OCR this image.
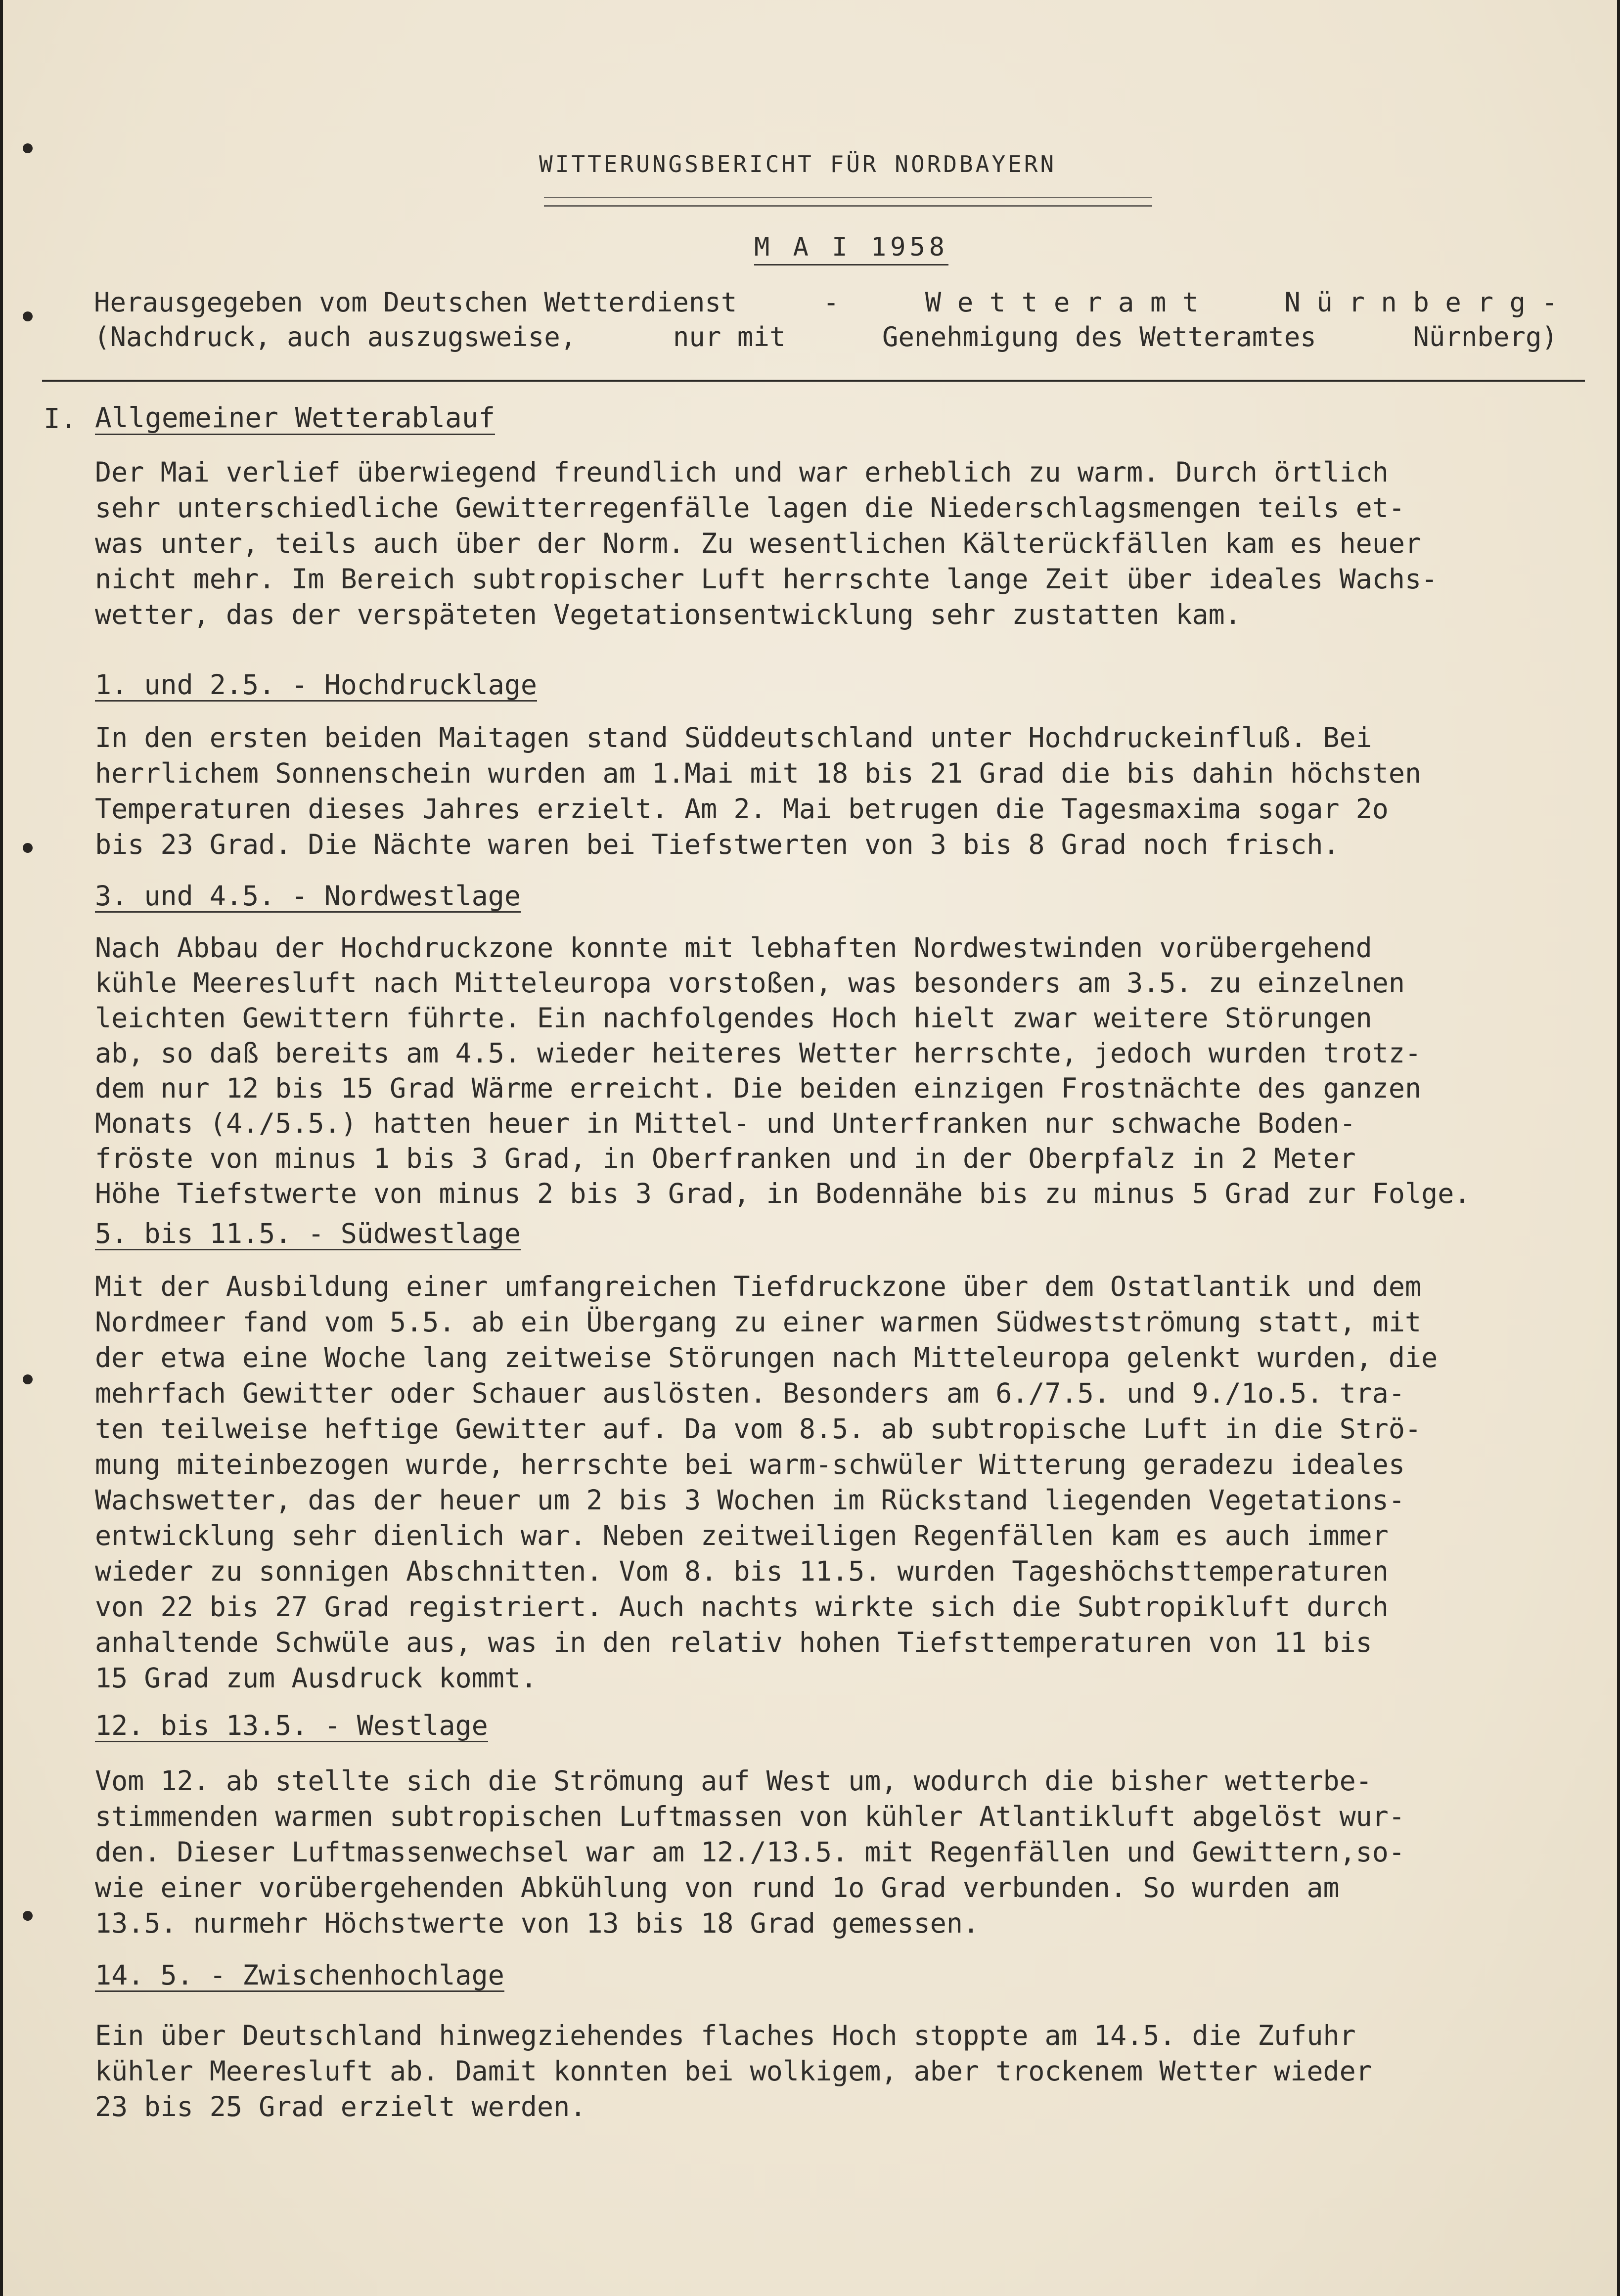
WITTERUNGSBERICHT FÜR NORDBAYERN
M A I 1958
Herausgegeben vom Deutschen Wetterdienst	-	W e t t e r a m t	N ü r n b e r g -
(Nachdruck, auch auszugsweise,	nur mit	Genehmigung des Wetteramtes	Nürnberg)
I. Allgemeiner Wetterablauf
Der Mai verlief überwiegend freundlich und war erheblich zu warm. Durch örtlich
sehr unterschiedliche Gewitterregenfälle lagen die Niederschlagsmengen teils et-
was unter, teils auch über der Norm. Zu wesentlichen Kälterückfällen kam es heuer
nicht mehr. Im Bereich subtropischer Luft herrschte lange Zeit über ideales Wachs-
wetter, das der verspäteten Vegetationsentwicklung sehr zustatten kam.
1. und 2.5. - Hochdrucklage
In den ersten beiden Maitagen stand Süddeutschland unter Hochdruckeinfluß. Bei
herrlichem Sonnenschein wurden am 1.Mai mit 18 bis 21 Grad die bis dahin höchsten
Temperaturen dieses Jahres erzielt. Am 2. Mai betrugen die Tagesmaxima sogar 2o
bis 23 Grad. Die Nächte waren bei Tiefstwerten von 3 bis 8 Grad noch frisch.
3. und 4.5. - Nordwestlage
Nach Abbau der Hochdruckzone konnte mit lebhaften Nordwestwinden vorübergehend
kühle Meeresluft nach Mitteleuropa vorstoßen, was besonders am 3.5. zu einzelnen
leichten Gewittern führte. Ein nachfolgendes Hoch hielt zwar weitere Störungen
ab, so daß bereits am 4.5. wieder heiteres Wetter herrschte, jedoch wurden trotz-
dem nur 12 bis 15 Grad Wärme erreicht. Die beiden einzigen Frostnächte des ganzen
Monats (4./5.5.) hatten heuer in Mittel- und Unterfranken nur schwache Boden-
fröste von minus 1 bis 3 Grad, in Oberfranken und in der Oberpfalz in 2 Meter
Höhe Tiefstwerte von minus 2 bis 3 Grad, in Bodennähe bis zu minus 5 Grad zur Folge.
5. bis 11.5. - Südwestlage
Mit der Ausbildung einer umfangreichen Tiefdruckzone über dem Ostatlantik und dem
Nordmeer fand vom 5.5. ab ein Übergang zu einer warmen Südwestströmung statt, mit
der etwa eine Woche lang zeitweise Störungen nach Mitteleuropa gelenkt wurden, die
mehrfach Gewitter oder Schauer auslösten. Besonders am 6./7.5. und 9./1o.5. tra-
ten teilweise heftige Gewitter auf. Da vom 8.5. ab subtropische Luft in die Strö-
mung miteinbezogen wurde, herrschte bei warm-schwüler Witterung geradezu ideales
Wachswetter, das der heuer um 2 bis 3 Wochen im Rückstand liegenden Vegetations-
entwicklung sehr dienlich war. Neben zeitweiligen Regenfällen kam es auch immer
wieder zu sonnigen Abschnitten. Vom 8. bis 11.5. wurden Tageshöchsttemperaturen
von 22 bis 27 Grad registriert. Auch nachts wirkte sich die Subtropikluft durch
anhaltende Schwüle aus, was in den relativ hohen Tiefsttemperaturen von 11 bis
15 Grad zum Ausdruck kommt.
12. bis 13.5. - Westlage
Vom 12. ab stellte sich die Strömung auf West um, wodurch die bisher wetterbe-
stimmenden warmen subtropischen Luftmassen von kühler Atlantikluft abgelöst wur-
den. Dieser Luftmassenwechsel war am 12./13.5. mit Regenfällen und Gewittern,so-
wie einer vorübergehenden Abkühlung von rund 1o Grad verbunden. So wurden am
13.5. nurmehr Höchstwerte von 13 bis 18 Grad gemessen.
14. 5. - Zwischenhochlage
Ein über Deutschland hinwegziehendes flaches Hoch stoppte am 14.5. die Zufuhr
kühler Meeresluft ab. Damit konnten bei wolkigem, aber trockenem Wetter wieder
23 bis 25 Grad erzielt werden.
